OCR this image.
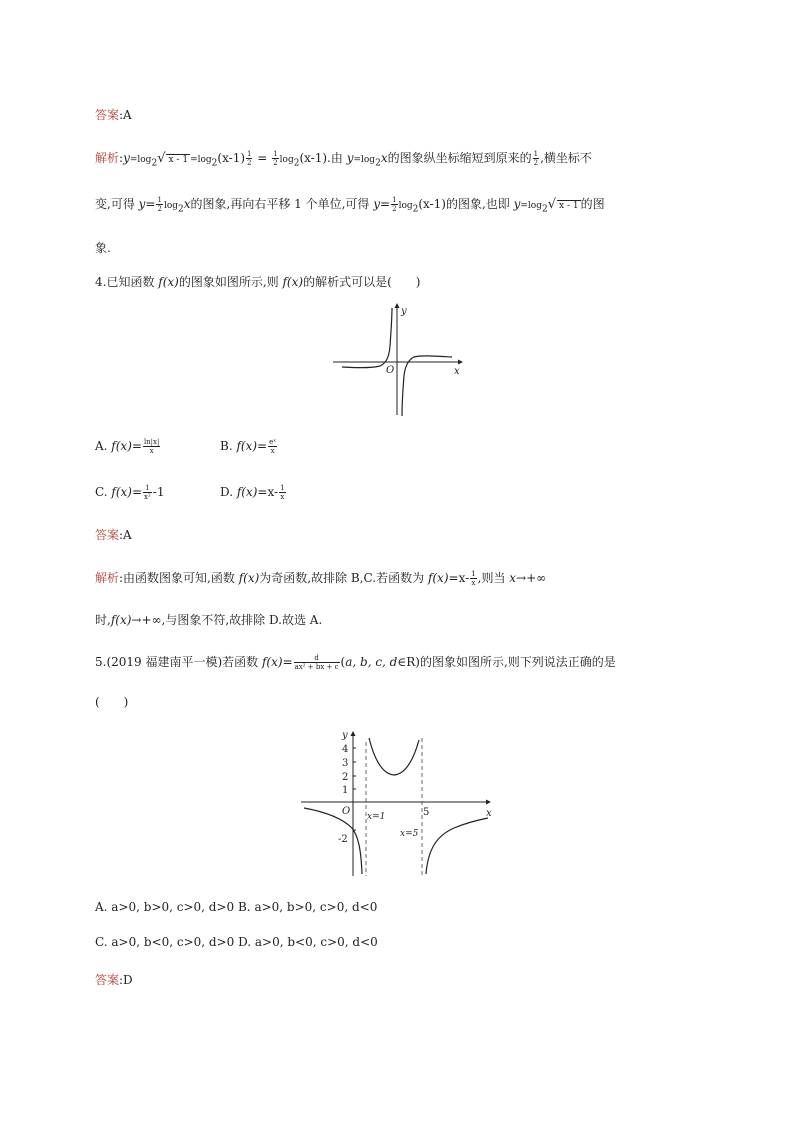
答案:A
解析$:y=\log_2√$ $x - 1 =\log_2(x-1) \frac{1}{2} = \frac{1}{2} \log_2(x-1)$.由 $y=\log_2x$的图象纵坐标缩短到原来的 $\frac{1}{2}$ ,横坐标不
变,可得 $y= \frac{1}{2} \log_2x$的图象,再向右平移 1 个单位,可得 $y= \frac{1}{2} \log_2(x-1)$的图象,也即 $y=\log_2√$ x - 1 的图
象.
4.已知函数 f(x)的图象如图所示,则 f(x)的解析式可以是(　　)
y
x
O
A. $f(x)= \frac{\ln|x|}{x}$	B. $f(x)= \frac{\text{eˣ}}{x}$
C. $f(x)= \frac{1}{\text{x²}} -1$	D. $f(x)=x- \frac{1}{x}$
答案:A
解析:由函数图象可知,函数 f(x)为奇函数,故排除 B,C.若函数为 $f(x)=x- \frac{1}{x}$ ,则当 x→+∞
时,f(x)→+∞,与图象不符,故排除 D.故选 A.
5.(2019 福建南平一模)若函数 $f(x)= \frac{d}{\text{ax² + bx + c}} (a$, b, c, d∈R)的图象如图所示,则下列说法正确的是
(　　)
y
x
O
4
3
2
1
-2
x=1	5
x=5
A. a>0, b>0, c>0, d>0 B. a>0, b>0, c>0, d<0
C. a>0, b<0, c>0, d>0 D. a>0, b<0, c>0, d<0
答案:D
